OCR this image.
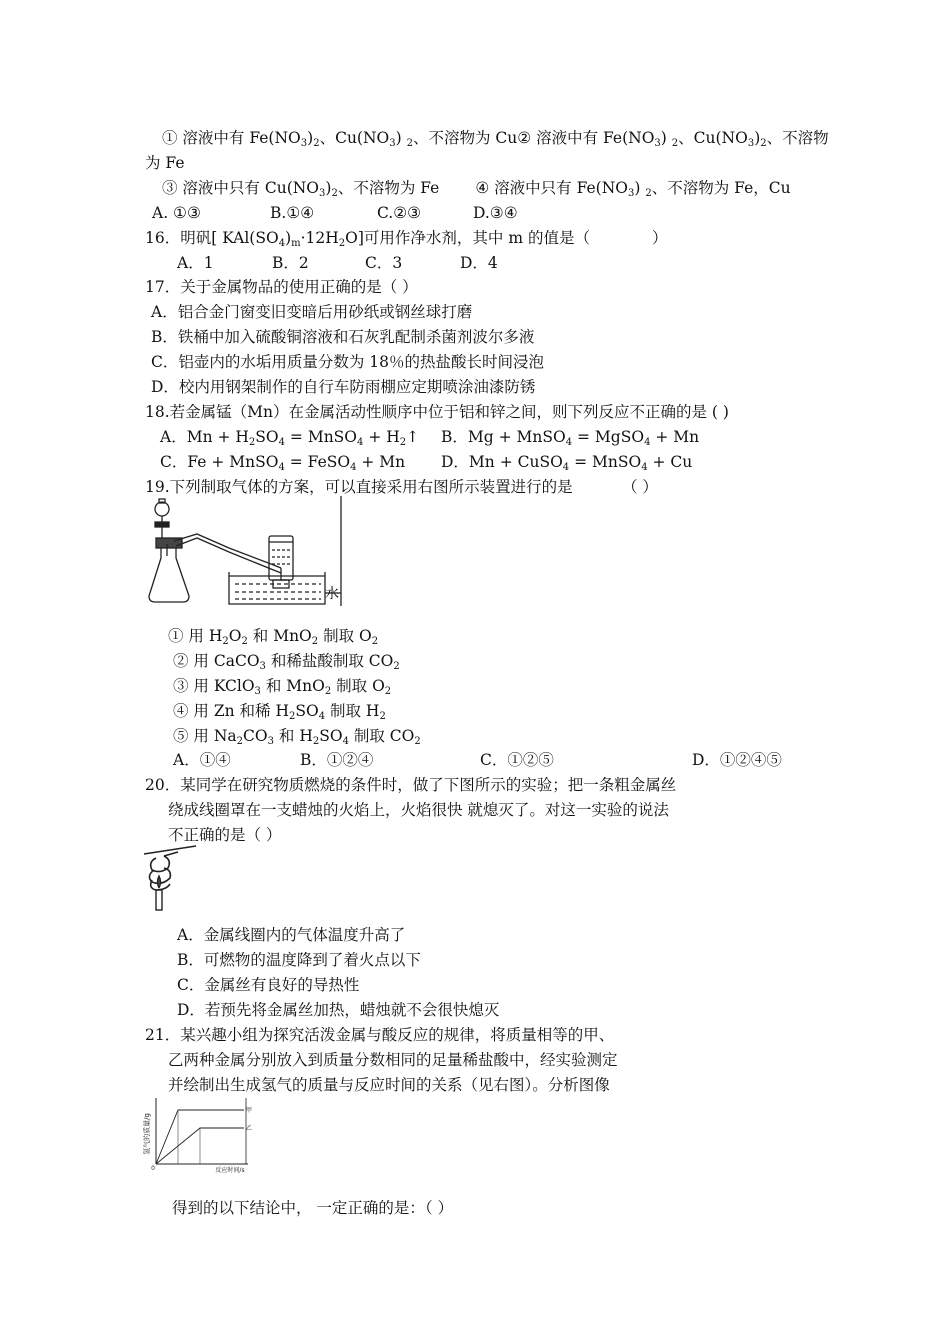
① 溶液中有 $Fe(NO_3)_2$、$Cu(NO_3)$ $_2$、不溶物为 Cu② 溶液中有 $Fe(NO_3)$ $_2$、$Cu(NO_3)_2$、不溶物
为 Fe
③ 溶液中只有 $Cu(NO_3)_2$、不溶物为 Fe ④ 溶液中只有 $Fe(NO_3)$ $_2$、不溶物为 Fe，Cu
A. ①③	B.①④	C.②③	D.③④
16．明矾[ $KAl(SO_4)_m\cdot 12H_2O$]可用作净水剂，其中 m 的值是（	）
A．1	B．2	C．3	D．4
17．关于金属物品的使用正确的是（ ）
A．铝合金门窗变旧变暗后用砂纸或钢丝球打磨
B．铁桶中加入硫酸铜溶液和石灰乳配制杀菌剂波尔多液
C．铝壶内的水垢用质量分数为 18％的热盐酸长时间浸泡
D．校内用钢架制作的自行车防雨棚应定期喷涂油漆防锈
18.若金属锰（Mn）在金属活动性顺序中位于铝和锌之间，则下列反应不正确的是 ( )
A．$Mn + H_2SO_4$ = MnSO$_4$ + $H_2↑$ B．Mg + MnSO$_4$ = MgSO$_4$ + Mn
C．Fe + MnSO$_4$ = FeSO$_4$ + Mn D．Mn + CuSO$_4$ = MnSO$_4$ + Cu
19.下列制取气体的方案，可以直接采用右图所示装置进行的是	（ ）
水
① 用 $H_2O_2$ 和 MnO$_2$ 制取 $O_2$
② 用 CaCO$_3$ 和稀盐酸制取 $CO_2$
③ 用 KClO$_3$ 和 MnO$_2$ 制取 $O_2$
④ 用 Zn 和稀 $H_2SO_4$ 制取 $H_2$
⑤ 用 $Na_2CO_3$ 和 $H_2SO_4$ 制取 $CO_2$
A．①④	B．①②④	C．①②⑤	D．①②④⑤
20．某同学在研究物质燃烧的条件时，做了下图所示的实验；把一条粗金属丝
绕成线圈罩在一支蜡烛的火焰上，火焰很快 就熄灭了。对这一实验的说法
不正确的是（ ）
A．金属线圈内的气体温度升高了
B．可燃物的温度降到了着火点以下
C．金属丝有良好的导热性
D．若预先将金属丝加热，蜡烛就不会很快熄灭
21．某兴趣小组为探究活泼金属与酸反应的规律，将质量相等的甲、
乙两种金属分别放入到质量分数相同的足量稀盐酸中，经实验测定
并绘制出生成氢气的质量与反应时间的关系（见右图）。分析图像
氢气的质量/g
0	反应时间/s
甲
乙
得到的以下结论中， 一定正确的是：（ ）
